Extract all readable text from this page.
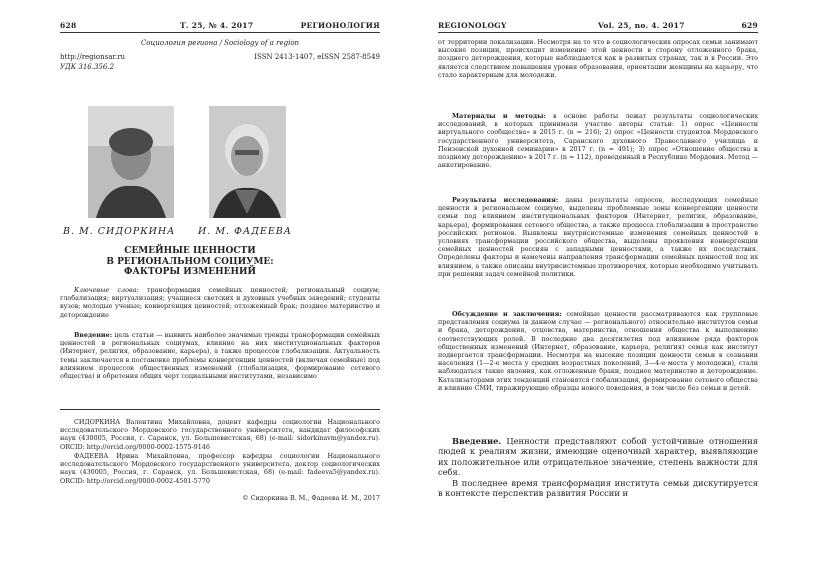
628	Т. 25, № 4. 2017	РЕГИОНОЛОГИЯ
Социология региона / Sociology of a region
http://regionsar.ru	ISSN 2413-1407, eISSN 2587-8549
УДК 316.356.2
В. М. СИДОРКИНА И. М. ФАДЕЕВА
СЕМЕЙНЫЕ ЦЕННОСТИ
В РЕГИОНАЛЬНОМ СОЦИУМЕ:
ФАКТОРЫ ИЗМЕНЕНИЙ
Ключевые слова: трансформация семейных ценностей; региональный социум; глобализация; виртуализация; учащиеся светских и духовных учебных заведений; студенты вузов; молодые ученые; конвергенция ценностей; отложенный брак; позднее материнство и деторождение
Введение: цель статьи — выявить наиболее значимые тренды трансформации семейных ценностей в региональных социумах, влияние на них институциональных факторов (Интернет, религия, образование, карьера), а также процессов глобализации. Актуальность темы заключается в постановке проблемы конвергенции ценностей (включая семейные) под влиянием процессов общественных изменений (глобализация, формирование сетевого общества) и обретения общих черт социальными институтами, независимо
СИДОРКИНА Валентина Михайловна, доцент кафедры социологии Национального исследовательского Мордовского государственного университета, кандидат философских наук (430005, Россия, г. Саранск, ул. Большевистская, 68) (e-mail: sidorkinavm@yandex.ru). ORCID: http://orcid.org/0000-0002-1575-9146
ФАДЕЕВА Ирина Михайловна, профессор кафедры социологии Национального исследовательского Мордовского государственного университета, доктор социологических наук (430005, Россия, г. Саранск, ул. Большевистская, 68) (e-mail: fadeeva5@yandex.ru). ORCID: http://orcid.org/0000-0002-4501-5770
© Сидоркина В. М., Фадеева И. М., 2017
REGIONOLOGY	Vol. 25, no. 4. 2017	629
от территории локализации. Несмотря на то что в социологических опросах семьи занимают высокие позиции, происходит изменение этой ценности в сторону отложенного брака, позднего деторождения, которые наблюдаются как в развитых странах, так и в России. Это является следствием повышения уровня образования, ориентации женщины на карьеру, что стало характерным для молодежи.
Материалы и методы: в основе работы лежат результаты социологических исследований, в которых принимали участие авторы статьи: 1) опрос «Ценности виртуального сообщества» в 2015 г. (n = 216); 2) опрос «Ценности студентов Мордовского государственного университета, Саранского духовного Православного училища и Пензенской духовной семинарии» в 2017 г. (n = 491); 3) опрос «Отношение общества к позднему деторождению» в 2017 г. (n = 112), проведенный в Республике Мордовия. Метод — анкетирование.
Результаты исследования: даны результаты опросов, исследующих семейные ценности в региональном социуме, выделены проблемные зоны конвергенции ценности семьи под влиянием институциональных факторов (Интернет, религия, образование, карьера), формирования сетевого общества, а также процесса глобализации в пространстве российских регионов. Выявлены внутрисистемные изменения семейных ценностей в условиях трансформации российского общества, выделены проявления конвергенции семейных ценностей россиян с западными ценностями, а также их последствия. Определены факторы и намечены направления трансформации семейных ценностей под их влиянием, а также описаны внутрисистемные противоречия, которые необходимо учитывать при решении задач семейной политики.
Обсуждение и заключения: семейные ценности рассматриваются как групповые представления социума (в данном случае — регионального) относительно институтов семьи и брака, деторождения, отцовства, материнства, отношения общества к выполнению соответствующих ролей. В последние два десятилетия под влиянием ряда факторов общественных изменений (Интернет, образование, карьера, религия) семья как институт подвергается трансформации. Несмотря на высокие позиции ценности семьи в сознании населения (1—2-е места у средних возрастных поколений, 3—4-е места у молодежи), стали наблюдаться такие явления, как отложенные браки, позднее материнство и деторождение. Катализаторами этих тенденций становятся глобализация, формирование сетевого общества и влияние СМИ, тиражирующие образцы нового поведения, в том числе без семьи и детей.
Введение. Ценности представляют собой устойчивые отношения людей к реалиям жизни, имеющие оценочный характер, выявляющие их положительное или отрицательное значение, степень важности для себя.
В последнее время трансформация института семьи дискутируется в контексте перспектив развития России и
